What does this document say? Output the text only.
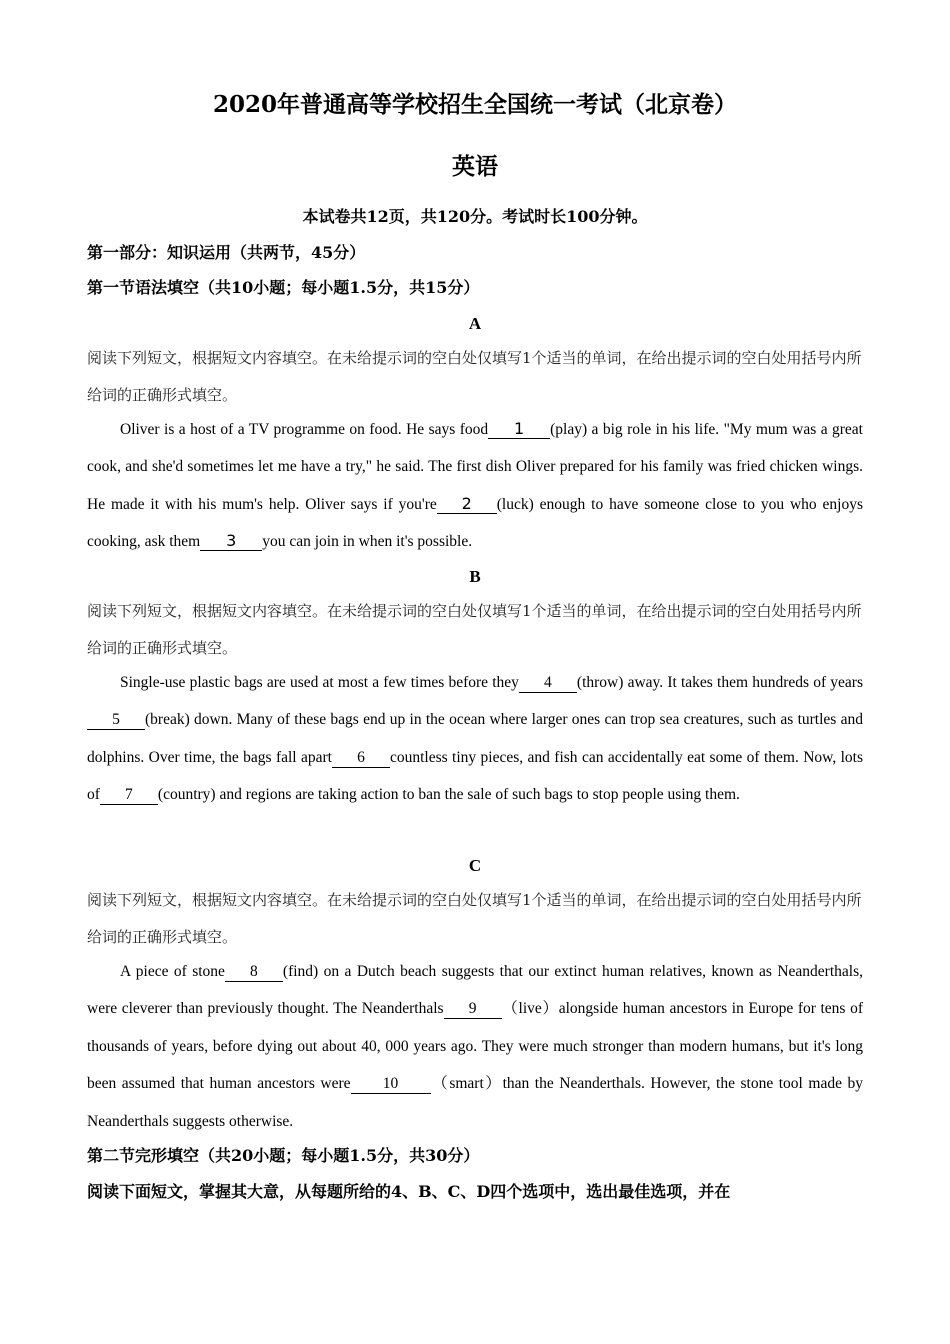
2020年普通高等学校招生全国统一考试（北京卷）
英语
本试卷共12页，共120分。考试时长100分钟。
第一部分：知识运用（共两节，45分）
第一节语法填空（共10小题；每小题1.5分，共15分）
A
阅读下列短文，根据短文内容填空。在未给提示词的空白处仅填写1个适当的单词，在给出提示词的空白处用括号内所给词的正确形式填空。
Oliver is a host of a TV programme on food. He says food 1 (play) a big role in his life. "My mum was a great cook, and she'd sometimes let me have a try," he said. The first dish Oliver prepared for his family was fried chicken wings. He made it with his mum's help. Oliver says if you're 2 (luck) enough to have someone close to you who enjoys cooking, ask them 3 you can join in when it's possible.
B
阅读下列短文，根据短文内容填空。在未给提示词的空白处仅填写1个适当的单词，在给出提示词的空白处用括号内所给词的正确形式填空。
Single-use plastic bags are used at most a few times before they 4 (throw) away. It takes them hundreds of years5 (break) down. Many of these bags end up in the ocean where larger ones can trop sea creatures, such as turtles and dolphins. Over time, the bags fall apart 6 countless tiny pieces, and fish can accidentally eat some of them. Now, lots of 7 (country) and regions are taking action to ban the sale of such bags to stop people using them.
C
阅读下列短文，根据短文内容填空。在未给提示词的空白处仅填写1个适当的单词，在给出提示词的空白处用括号内所给词的正确形式填空。
A piece of stone 8 (find) on a Dutch beach suggests that our extinct human relatives, known as Neanderthals, were cleverer than previously thought. The Neanderthals 9 （live）alongside human ancestors in Europe for tens of thousands of years, before dying out about 40, 000 years ago. They were much stronger than modern humans, but it's long been assumed that human ancestors were 10 （smart）than the Neanderthals. However, the stone tool made by Neanderthals suggests otherwise.
第二节完形填空（共20小题；每小题1.5分，共30分）
阅读下面短文，掌握其大意，从每题所给的4、B、C、D四个选项中，选出最佳选项，并在
